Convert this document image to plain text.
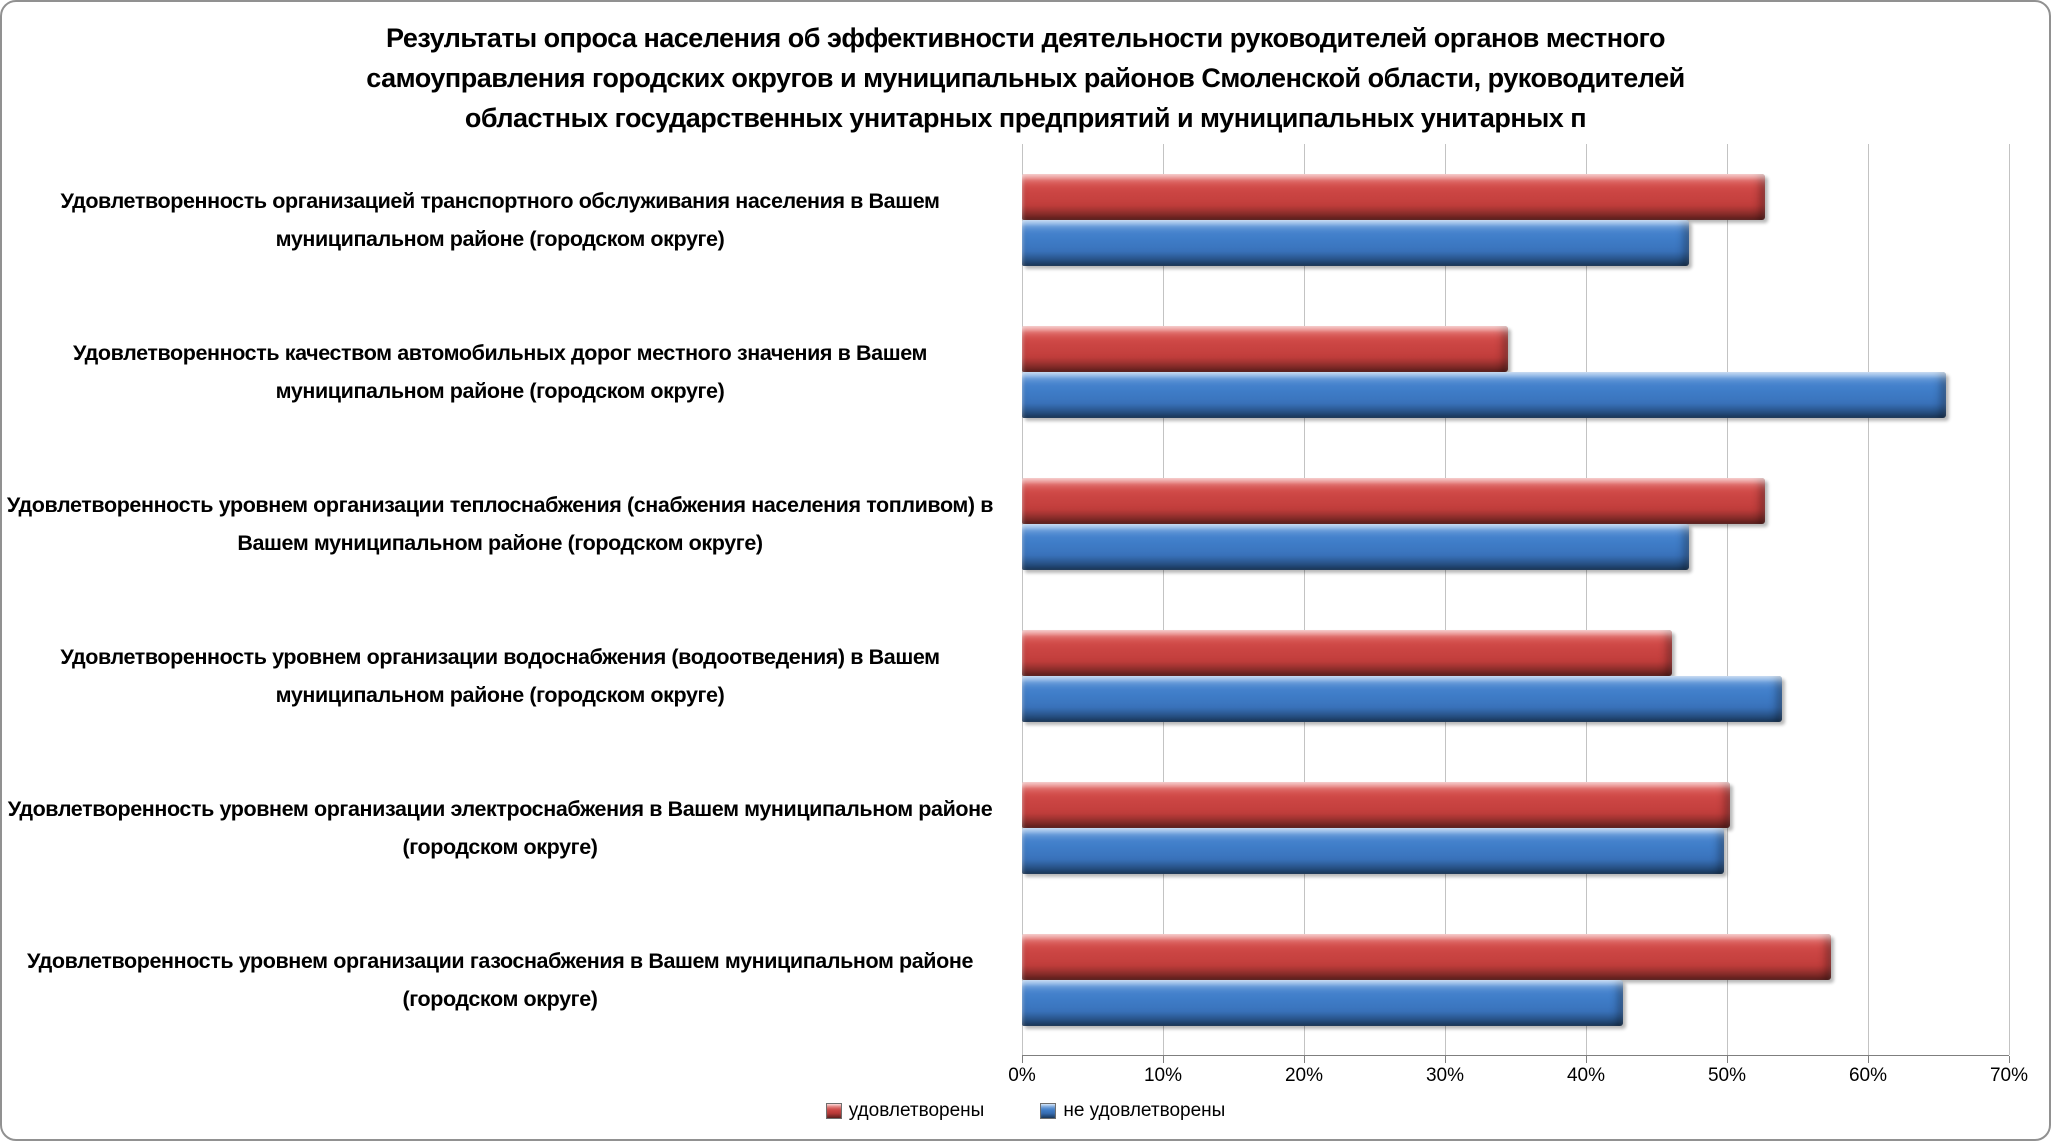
Результаты опроса населения об эффективности деятельности руководителей органов местного
самоуправления городских округов и муниципальных районов Смоленской области, руководителей
областных государственных унитарных предприятий и муниципальных унитарных п
Удовлетворенность организацией транспортного обслуживания населения в Вашем муниципальном районе (городском округе)
Удовлетворенность качеством автомобильных дорог местного значения в Вашем муниципальном районе (городском округе)
Удовлетворенность уровнем организации теплоснабжения (снабжения населения топливом) в Вашем муниципальном районе (городском округе)
Удовлетворенность уровнем организации водоснабжения (водоотведения) в Вашем муниципальном районе (городском округе)
Удовлетворенность уровнем организации электроснабжения в Вашем муниципальном районе (городском округе)
Удовлетворенность уровнем организации газоснабжения в Вашем муниципальном районе (городском округе)
0%	10%	20%	30%	40%	50%	60%	70%
удовлетворены	не удовлетворены
